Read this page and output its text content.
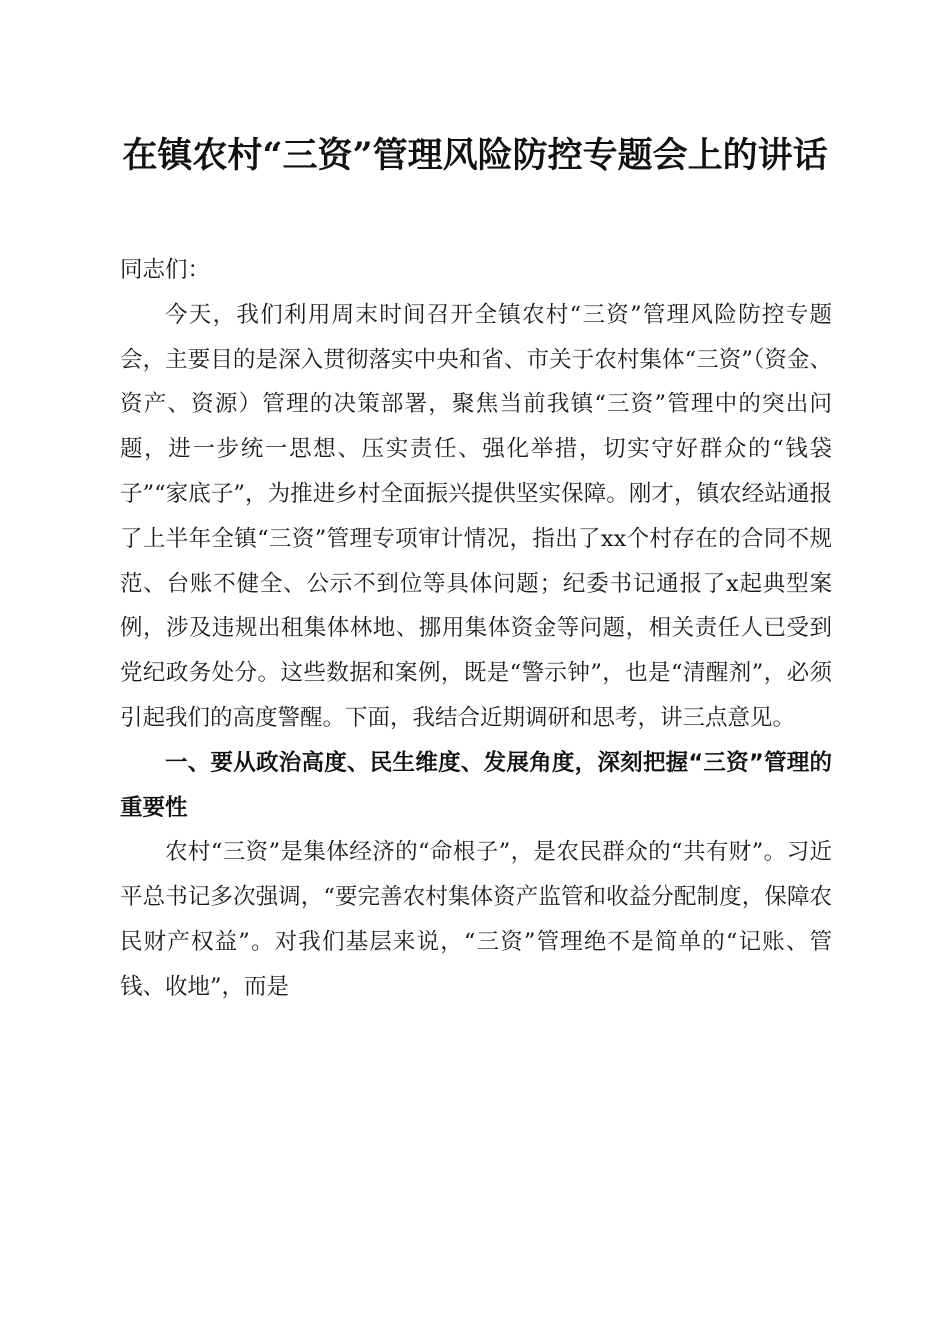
在镇农村“三资”管理风险防控专题会上的讲话

同志们：

今天，我们利用周末时间召开全镇农村“三资”管理风险防控专题会，主要目的是深入贯彻落实中央和省、市关于农村集体“三资”（资金、资产、资源）管理的决策部署，聚焦当前我镇“三资”管理中的突出问题，进一步统一思想、压实责任、强化举措，切实守好群众的“钱袋子”“家底子”，为推进乡村全面振兴提供坚实保障。刚才，镇农经站通报了上半年全镇“三资”管理专项审计情况，指出了xx个村存在的合同不规范、台账不健全、公示不到位等具体问题；纪委书记通报了x起典型案例，涉及违规出租集体林地、挪用集体资金等问题，相关责任人已受到党纪政务处分。这些数据和案例，既是“警示钟”，也是“清醒剂”，必须引起我们的高度警醒。下面，我结合近期调研和思考，讲三点意见。

一、要从政治高度、民生维度、发展角度，深刻把握“三资”管理的重要性

农村“三资”是集体经济的“命根子”，是农民群众的“共有财”。习近平总书记多次强调，“要完善农村集体资产监管和收益分配制度，保障农民财产权益”。对我们基层来说，“三资”管理绝不是简单的“记账、管钱、收地”，而是
